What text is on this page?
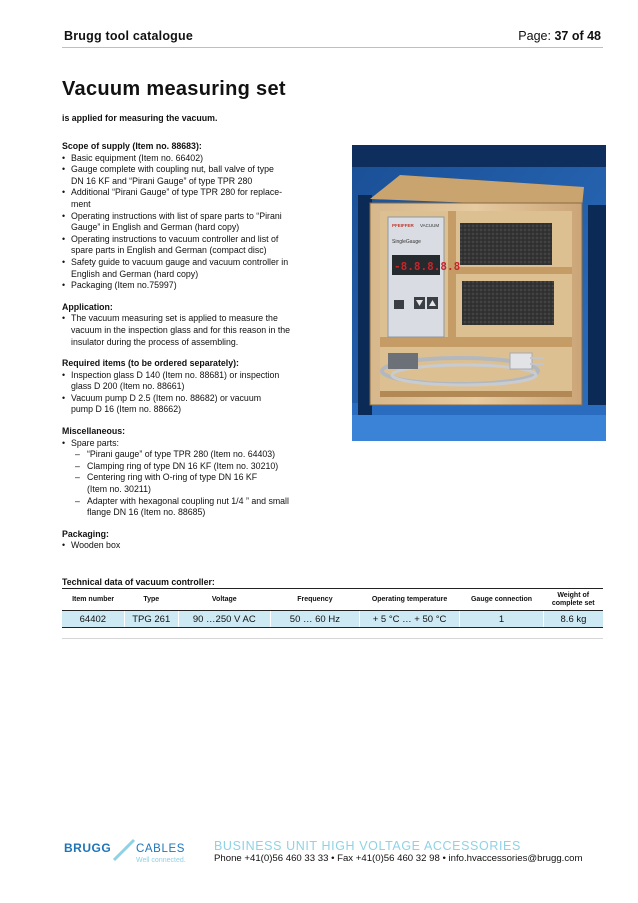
Brugg tool catalogue	Page: 37 of 48
Vacuum measuring set
is applied for measuring the vacuum.
Scope of supply (Item no. 88683):
• Basic equipment (Item no. 66402)
• Gauge complete with coupling nut, ball valve of type
DN 16 KF and “Pirani Gauge” of type TPR 280
• Additional “Pirani Gauge” of type TPR 280 for replace-
ment
• Operating instructions with list of spare parts to “Pirani
Gauge” in English and German (hard copy)
• Operating instructions to vacuum controller and list of
spare parts in English and German (compact disc)
• Safety guide to vacuum gauge and vacuum controller in
English and German (hard copy)
• Packaging (Item no.75997)
Application:
• The vacuum measuring set is applied to measure the
vacuum in the inspection glass and for this reason in the
insulator during the process of assembling.
Required items (to be ordered separately):
• Inspection glass D 140 (Item no. 88681) or inspection
glass D 200 (Item no. 88661)
• Vacuum pump D 2.5 (Item no. 88682) or vacuum
pump D 16 (Item no. 88662)
Miscellaneous:
• Spare parts:
– “Pirani gauge” of type TPR 280 (Item no. 64403)
– Clamping ring of type DN 16 KF (Item no. 30210)
– Centering ring with O-ring of type DN 16 KF
(Item no. 30211)
– Adapter with hexagonal coupling nut 1/4 ” and small
flange DN 16 (Item no. 88685)
Packaging:
• Wooden box
PFEIFFER VACUUM
SingleGauge
-8.8.8.8.8
Technical data of vacuum controller:
Item number	Type	Voltage	Frequency	Operating temperature	Gauge connection	Weight of complete set
64402	TPG 261	90 …250 V AC	50 … 60 Hz	+ 5 °C … + 50 °C	1	8.6 kg
BRUGG CABLES
Well connected.
BUSINESS UNIT HIGH VOLTAGE ACCESSORIES
Phone +41(0)56 460 33 33 • Fax +41(0)56 460 32 98 • info.hvaccessories@brugg.com
